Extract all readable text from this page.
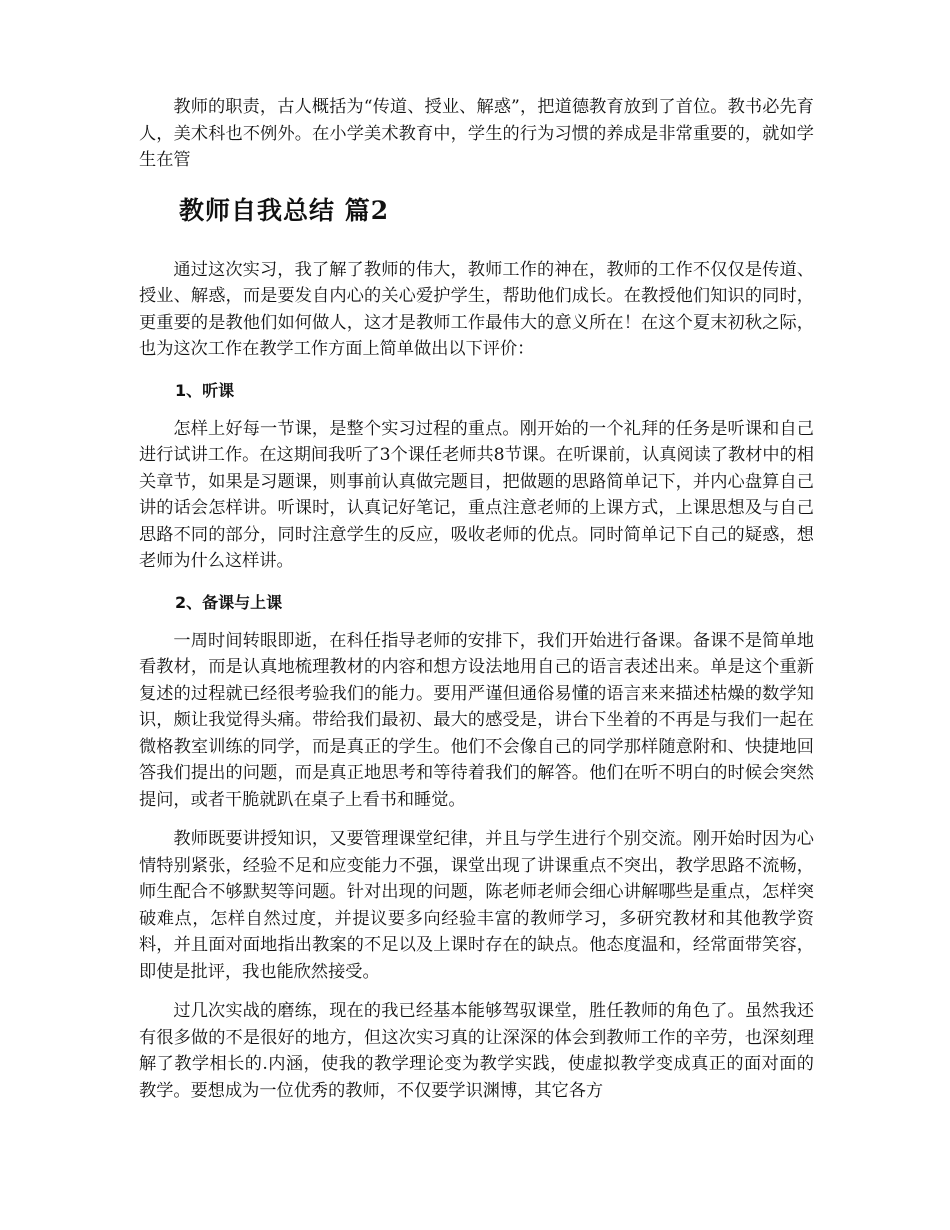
教师的职责，古人概括为“传道、授业、解惑”，把道德教育放到了首位。教书必先育人，美术科也不例外。在小学美术教育中，学生的行为习惯的养成是非常重要的，就如学生在管

教师自我总结 篇2

通过这次实习，我了解了教师的伟大，教师工作的神在，教师的工作不仅仅是传道、授业、解惑，而是要发自内心的关心爱护学生，帮助他们成长。在教授他们知识的同时，更重要的是教他们如何做人，这才是教师工作最伟大的意义所在！在这个夏末初秋之际，也为这次工作在教学工作方面上简单做出以下评价：

1、听课

怎样上好每一节课，是整个实习过程的重点。刚开始的一个礼拜的任务是听课和自己进行试讲工作。在这期间我听了3个课任老师共8节课。在听课前，认真阅读了教材中的相关章节，如果是习题课，则事前认真做完题目，把做题的思路简单记下，并内心盘算自己讲的话会怎样讲。听课时，认真记好笔记，重点注意老师的上课方式，上课思想及与自己思路不同的部分，同时注意学生的反应，吸收老师的优点。同时简单记下自己的疑惑，想老师为什么这样讲。

2、备课与上课

一周时间转眼即逝，在科任指导老师的安排下，我们开始进行备课。备课不是简单地看教材，而是认真地梳理教材的内容和想方设法地用自己的语言表述出来。单是这个重新复述的过程就已经很考验我们的能力。要用严谨但通俗易懂的语言来来描述枯燥的数学知识，颇让我觉得头痛。带给我们最初、最大的感受是，讲台下坐着的不再是与我们一起在微格教室训练的同学，而是真正的学生。他们不会像自己的同学那样随意附和、快捷地回答我们提出的问题，而是真正地思考和等待着我们的解答。他们在听不明白的时候会突然提问，或者干脆就趴在桌子上看书和睡觉。

教师既要讲授知识，又要管理课堂纪律，并且与学生进行个别交流。刚开始时因为心情特别紧张，经验不足和应变能力不强，课堂出现了讲课重点不突出，教学思路不流畅，师生配合不够默契等问题。针对出现的问题，陈老师老师会细心讲解哪些是重点，怎样突破难点，怎样自然过度，并提议要多向经验丰富的教师学习，多研究教材和其他教学资料，并且面对面地指出教案的不足以及上课时存在的缺点。他态度温和，经常面带笑容，即使是批评，我也能欣然接受。

过几次实战的磨练，现在的我已经基本能够驾驭课堂，胜任教师的角色了。虽然我还有很多做的不是很好的地方，但这次实习真的让深深的体会到教师工作的辛劳，也深刻理解了教学相长的.内涵，使我的教学理论变为教学实践，使虚拟教学变成真正的面对面的教学。要想成为一位优秀的教师，不仅要学识渊博，其它各方
